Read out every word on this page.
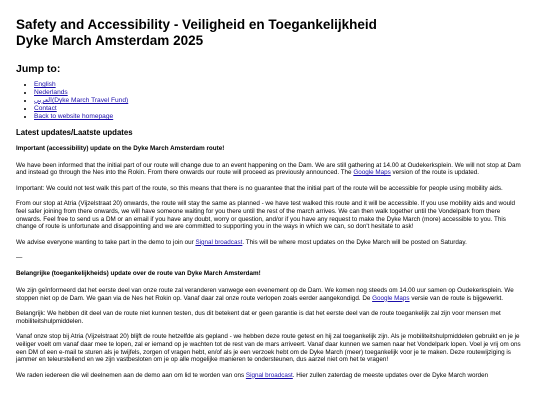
Safety and Accessibility - Veiligheid en Toegankelijkheid
Dyke March Amsterdam 2025
Jump to:
• English
• Nederlands
• العربي(Dyke March Travel Fund)
• Contact
• Back to website homepage
Latest updates/Laatste updates

Important (accessibility) update on the Dyke March Amsterdam route!

We have been informed that the initial part of our route will change due to an event happening on the Dam. We are still gathering at 14.00 at Oudekerksplein. We will not stop at Dam and instead go through the Nes into the Rokin. From there onwards our route will proceed as previously announced. The Google Maps version of the route is updated.

Important: We could not test walk this part of the route, so this means that there is no guarantee that the initial part of the route will be accessible for people using mobility aids.

From our stop at Atria (Vijzelstraat 20) onwards, the route will stay the same as planned - we have test walked this route and it will be accessible. If you use mobility aids and would feel safer joining from there onwards, we will have someone waiting for you there until the rest of the march arrives. We can then walk together until the Vondelpark from there onwards. Feel free to send us a DM or an email if you have any doubt, worry or question, and/or if you have any request to make the Dyke March (more) accessible to you. This change of route is unfortunate and disappointing and we are committed to supporting you in the ways in which we can, so don't hesitate to ask!

We advise everyone wanting to take part in the demo to join our Signal broadcast. This will be where most updates on the Dyke March will be posted on Saturday.

—

Belangrijke (toegankelijkheids) update over de route van Dyke March Amsterdam!

We zijn geïnformeerd dat het eerste deel van onze route zal veranderen vanwege een evenement op de Dam. We komen nog steeds om 14.00 uur samen op Oudekerksplein. We stoppen niet op de Dam. We gaan via de Nes het Rokin op. Vanaf daar zal onze route verlopen zoals eerder aangekondigd. De Google Maps versie van de route is bijgewerkt.

Belangrijk: We hebben dit deel van de route niet kunnen testen, dus dit betekent dat er geen garantie is dat het eerste deel van de route toegankelijk zal zijn voor mensen met mobiliteitshulpmiddelen.

Vanaf onze stop bij Atria (Vijzelstraat 20) blijft de route hetzelfde als gepland - we hebben deze route getest en hij zal toegankelijk zijn. Als je mobiliteitshulpmiddelen gebruikt en je je veiliger voelt om vanaf daar mee te lopen, zal er iemand op je wachten tot de rest van de mars arriveert. Vanaf daar kunnen we samen naar het Vondelpark lopen. Voel je vrij om ons een DM of een e-mail te sturen als je twijfels, zorgen of vragen hebt, en/of als je een verzoek hebt om de Dyke March (meer) toegankelijk voor je te maken. Deze routewijziging is jammer en teleurstellend en we zijn vastbesloten om je op alle mogelijke manieren te ondersteunen, dus aarzel niet om het te vragen!

We raden iedereen die wil deelnemen aan de demo aan om lid te worden van ons Signal broadcast. Hier zullen zaterdag de meeste updates over de Dyke March worden
